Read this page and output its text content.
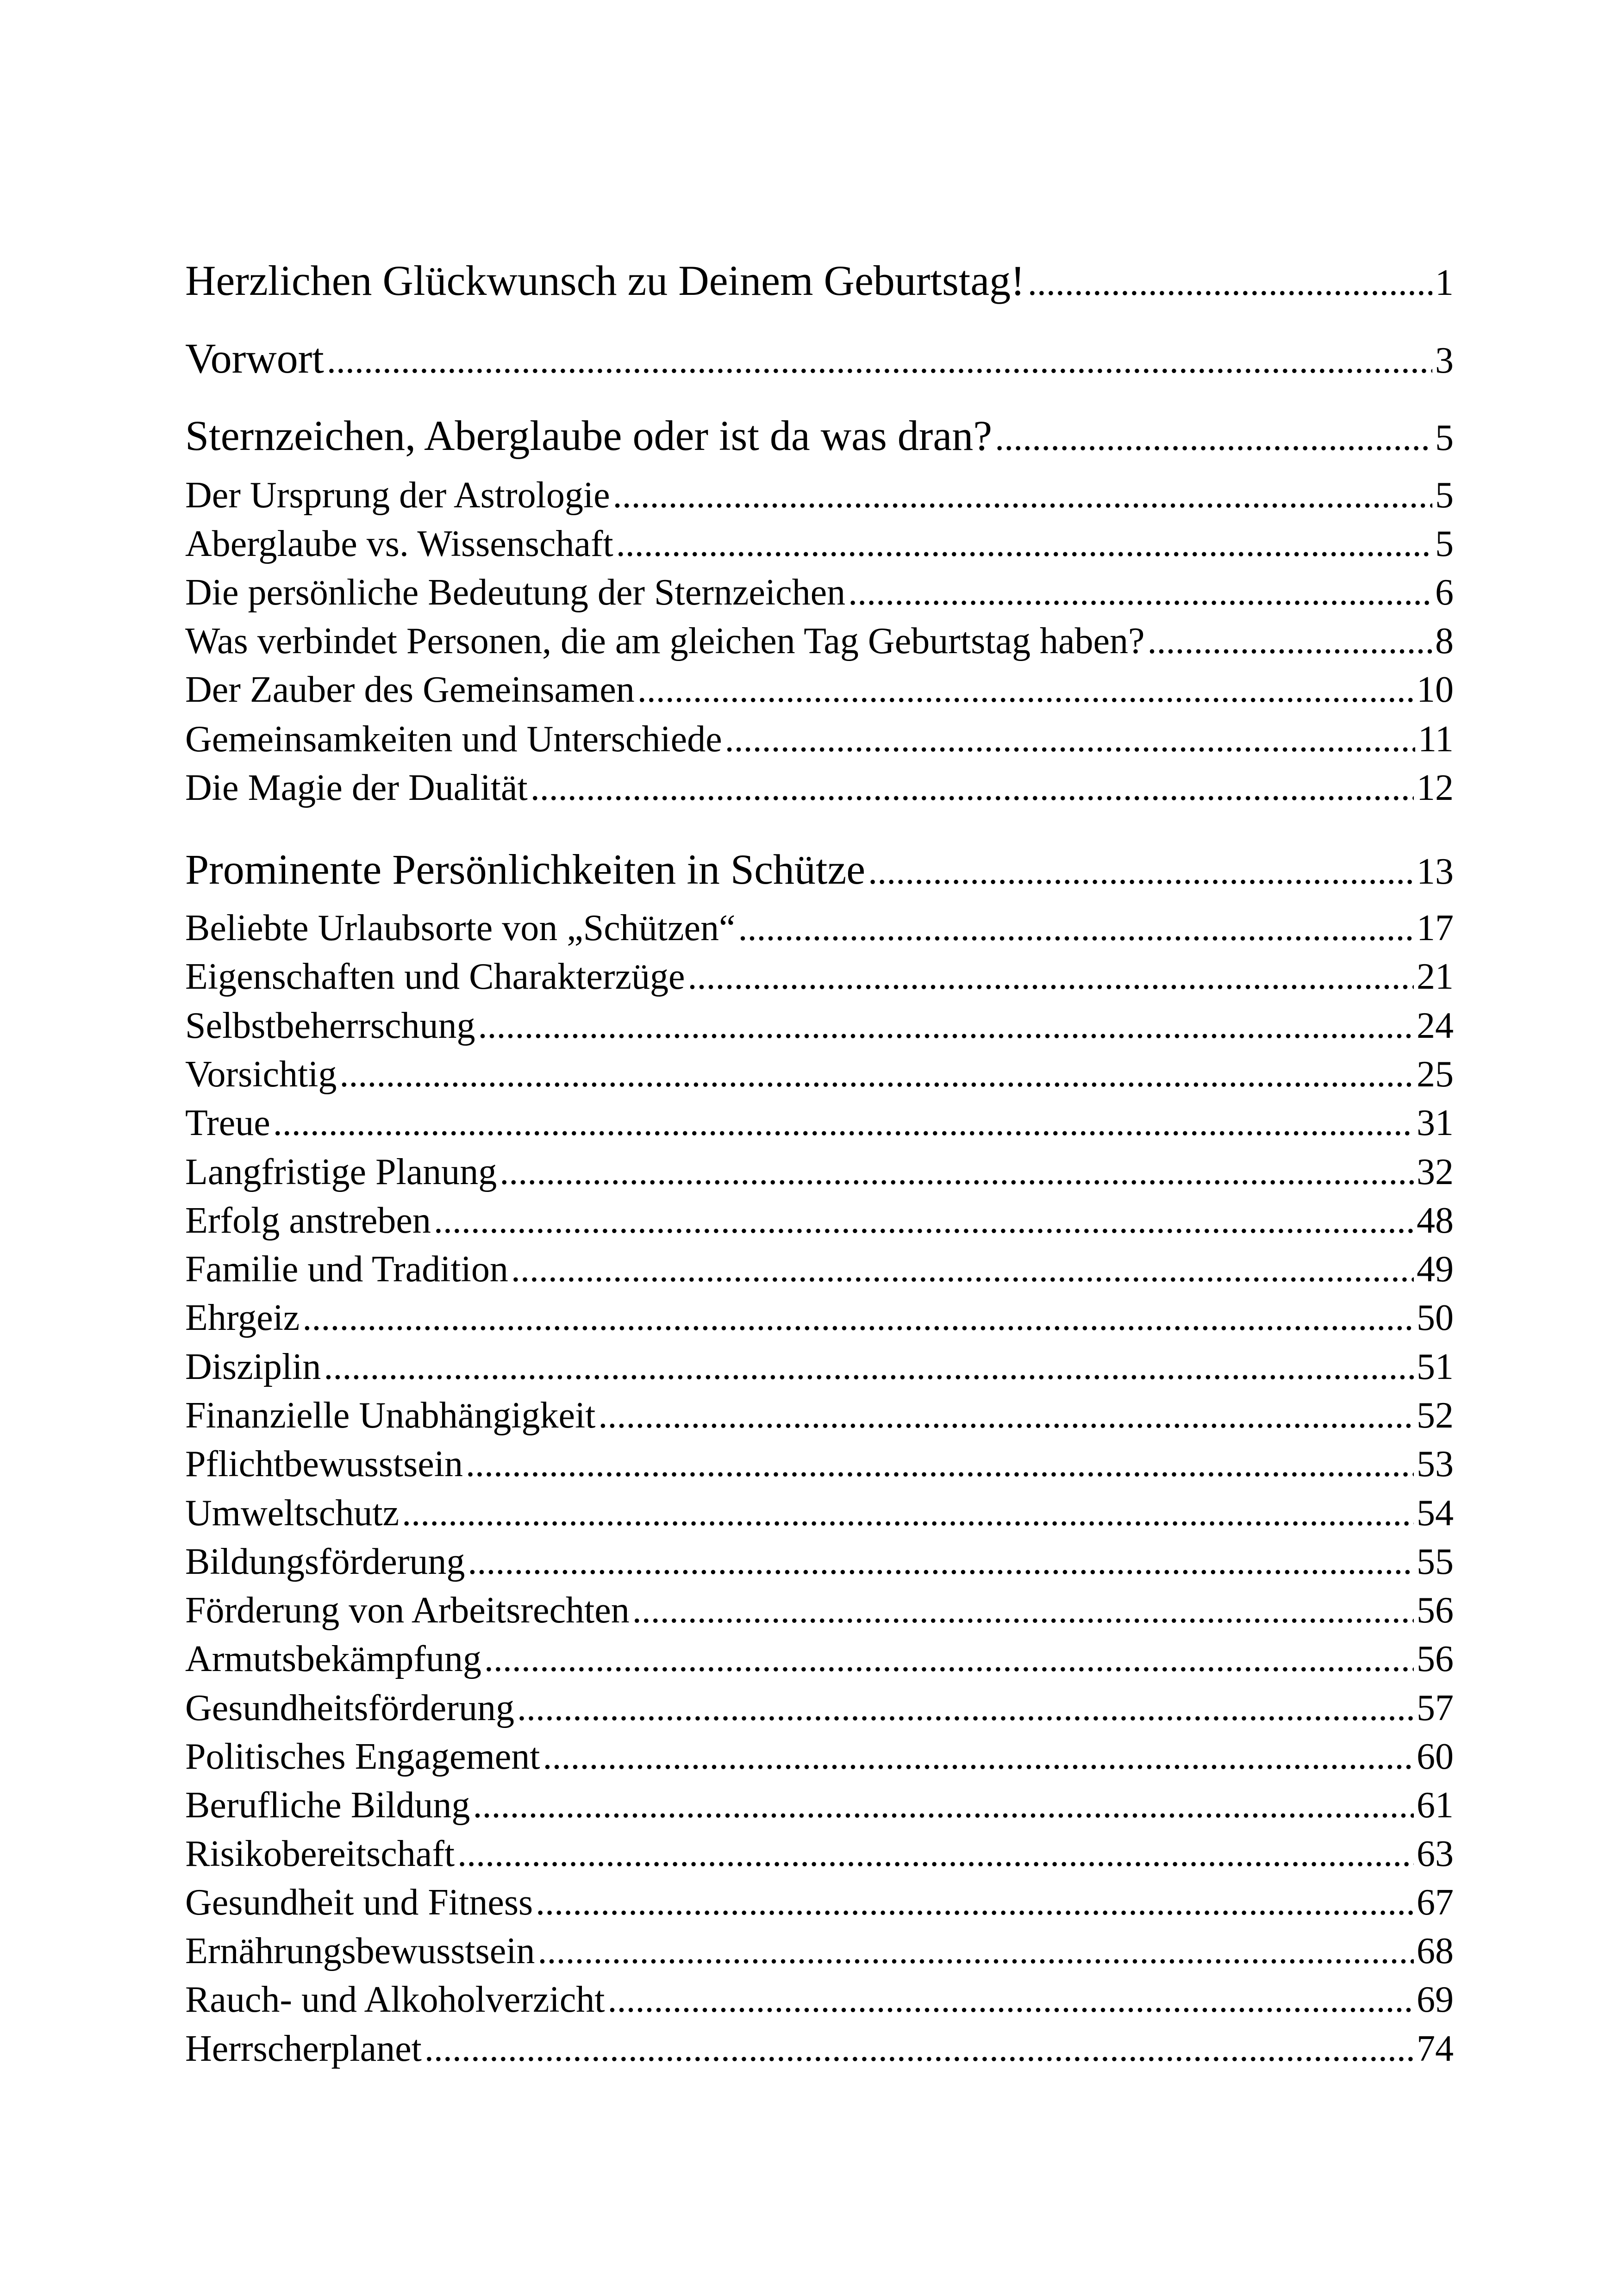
Herzlichen Glückwunsch zu Deinem Geburtstag! .....	1
Vorwort .....	3
Sternzeichen, Aberglaube oder ist da was dran? .....	5
Der Ursprung der Astrologie .....	5
Aberglaube vs. Wissenschaft .....	5
Die persönliche Bedeutung der Sternzeichen .....	6
Was verbindet Personen, die am gleichen Tag Geburtstag haben? .....	8
Der Zauber des Gemeinsamen .....	10
Gemeinsamkeiten und Unterschiede .....	11
Die Magie der Dualität .....	12
Prominente Persönlichkeiten in Schütze .....	13
Beliebte Urlaubsorte von „Schützen“ .....	17
Eigenschaften und Charakterzüge .....	21
Selbstbeherrschung .....	24
Vorsichtig .....	25
Treue .....	31
Langfristige Planung .....	32
Erfolg anstreben .....	48
Familie und Tradition .....	49
Ehrgeiz .....	50
Disziplin .....	51
Finanzielle Unabhängigkeit .....	52
Pflichtbewusstsein .....	53
Umweltschutz .....	54
Bildungsförderung .....	55
Förderung von Arbeitsrechten .....	56
Armutsbekämpfung .....	56
Gesundheitsförderung .....	57
Politisches Engagement .....	60
Berufliche Bildung .....	61
Risikobereitschaft .....	63
Gesundheit und Fitness .....	67
Ernährungsbewusstsein .....	68
Rauch- und Alkoholverzicht .....	69
Herrscherplanet .....	74
